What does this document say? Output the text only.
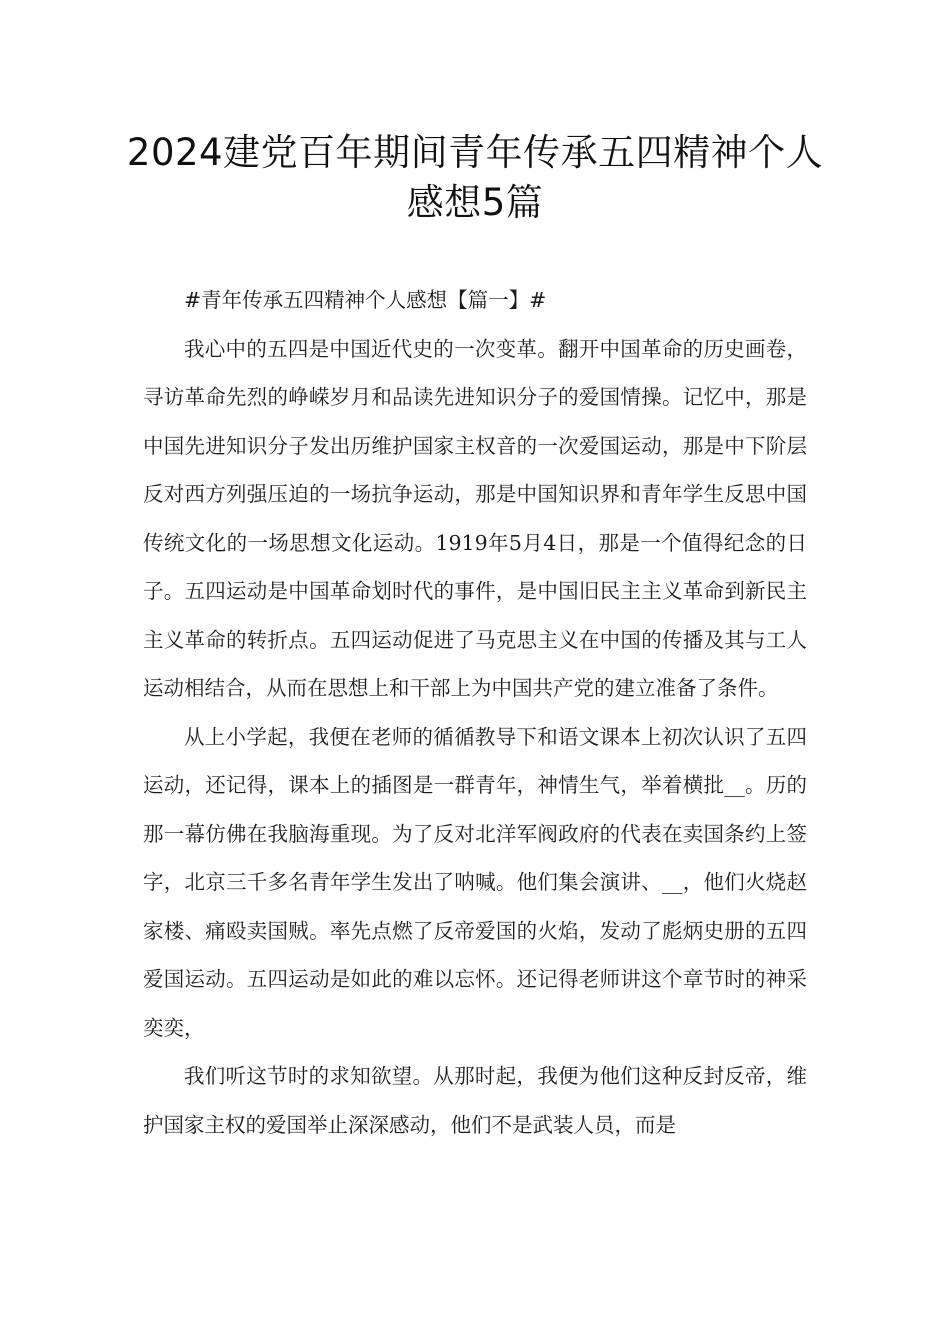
2024建党百年期间青年传承五四精神个人感想5篇

#青年传承五四精神个人感想【篇一】#

我心中的五四是中国近代史的一次变革。翻开中国革命的历史画卷，寻访革命先烈的峥嵘岁月和品读先进知识分子的爱国情操。记忆中，那是中国先进知识分子发出历维护国家主权音的一次爱国运动，那是中下阶层反对西方列强压迫的一场抗争运动，那是中国知识界和青年学生反思中国传统文化的一场思想文化运动。1919年5月4日，那是一个值得纪念的日子。五四运动是中国革命划时代的事件，是中国旧民主主义革命到新民主主义革命的转折点。五四运动促进了马克思主义在中国的传播及其与工人运动相结合，从而在思想上和干部上为中国共产党的建立准备了条件。

从上小学起，我便在老师的循循教导下和语文课本上初次认识了五四运动，还记得，课本上的插图是一群青年，神情生气，举着横批__。历的那一幕仿佛在我脑海重现。为了反对北洋军阀政府的代表在卖国条约上签字，北京三千多名青年学生发出了呐喊。他们集会演讲、__，他们火烧赵家楼、痛殴卖国贼。率先点燃了反帝爱国的火焰，发动了彪炳史册的五四爱国运动。五四运动是如此的难以忘怀。还记得老师讲这个章节时的神采奕奕，

我们听这节时的求知欲望。从那时起，我便为他们这种反封反帝，维护国家主权的爱国举止深深感动，他们不是武装人员，而是
